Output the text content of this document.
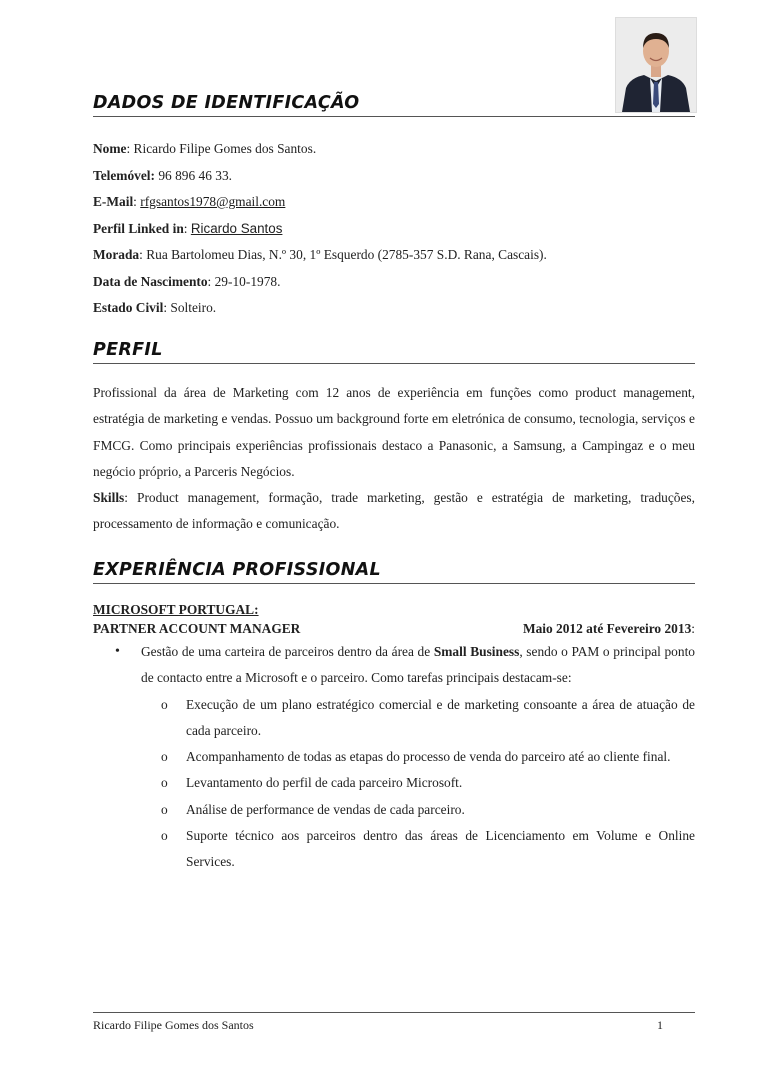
DADOS DE IDENTIFICAÇÃO
Nome: Ricardo Filipe Gomes dos Santos.
Telemóvel: 96 896 46 33.
E-Mail: rfgsantos1978@gmail.com
Perfil Linked in: Ricardo Santos
Morada: Rua Bartolomeu Dias, N.º 30, 1º Esquerdo (2785-357 S.D. Rana, Cascais).
Data de Nascimento: 29-10-1978.
Estado Civil: Solteiro.
PERFIL

Profissional da área de Marketing com 12 anos de experiência em funções como product management, estratégia de marketing e vendas. Possuo um background forte em eletrónica de consumo, tecnologia, serviços e FMCG. Como principais experiências profissionais destaco a Panasonic, a Samsung, a Campingaz e o meu negócio próprio, a Parceris Negócios.

Skills: Product management, formação, trade marketing, gestão e estratégia de marketing, traduções, processamento de informação e comunicação.

EXPERIÊNCIA PROFISSIONAL
MICROSOFT PORTUGAL:
PARTNER ACCOUNT MANAGER	Maio 2012 até Fevereiro 2013:
• Gestão de uma carteira de parceiros dentro da área de Small Business, sendo o PAM o principal ponto de contacto entre a Microsoft e o parceiro. Como tarefas principais destacam-se:
o Execução de um plano estratégico comercial e de marketing consoante a área de atuação de cada parceiro.
o Acompanhamento de todas as etapas do processo de venda do parceiro até ao cliente final.
o Levantamento do perfil de cada parceiro Microsoft.
o Análise de performance de vendas de cada parceiro.
o Suporte técnico aos parceiros dentro das áreas de Licenciamento em Volume e Online Services.
Ricardo Filipe Gomes dos Santos	1
